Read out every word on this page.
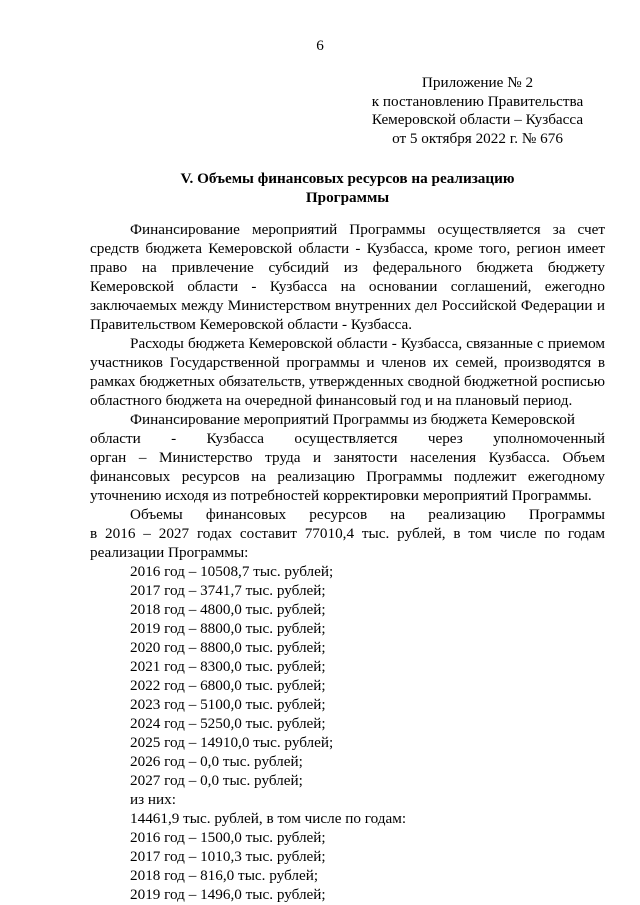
6
Приложение № 2
к постановлению Правительства
Кемеровской области – Кузбасса
от 5 октября 2022 г. № 676
V. Объемы финансовых ресурсов на реализацию
Программы

Финансирование мероприятий Программы осуществляется за счет средств бюджета Кемеровской области - Кузбасса, кроме того, регион имеет право на привлечение субсидий из федерального бюджета бюджету Кемеровской области - Кузбасса на основании соглашений, ежегодно заключаемых между Министерством внутренних дел Российской Федерации и Правительством Кемеровской области - Кузбасса.

Расходы бюджета Кемеровской области - Кузбасса, связанные с приемом участников Государственной программы и членов их семей, производятся в рамках бюджетных обязательств, утвержденных сводной бюджетной росписью областного бюджета на очередной финансовый год и на плановый период.

Финансирование мероприятий Программы из бюджета Кемеровской
области - Кузбасса осуществляется через уполномоченный

орган – Министерство труда и занятости населения Кузбасса. Объем финансовых ресурсов на реализацию Программы подлежит ежегодному уточнению исходя из потребностей корректировки мероприятий Программы.

Объемы финансовых ресурсов на реализацию Программы

в 2016 – 2027 годах составит 77010,4 тыс. рублей, в том числе по годам реализации Программы:

2016 год – 10508,7 тыс. рублей;
2017 год – 3741,7 тыс. рублей;
2018 год – 4800,0 тыс. рублей;
2019 год – 8800,0 тыс. рублей;
2020 год – 8800,0 тыс. рублей;
2021 год – 8300,0 тыс. рублей;
2022 год – 6800,0 тыс. рублей;
2023 год – 5100,0 тыс. рублей;
2024 год – 5250,0 тыс. рублей;
2025 год – 14910,0 тыс. рублей;
2026 год – 0,0 тыс. рублей;
2027 год – 0,0 тыс. рублей;
из них:
14461,9 тыс. рублей, в том числе по годам:
2016 год – 1500,0 тыс. рублей;
2017 год – 1010,3 тыс. рублей;
2018 год – 816,0 тыс. рублей;
2019 год – 1496,0 тыс. рублей;
